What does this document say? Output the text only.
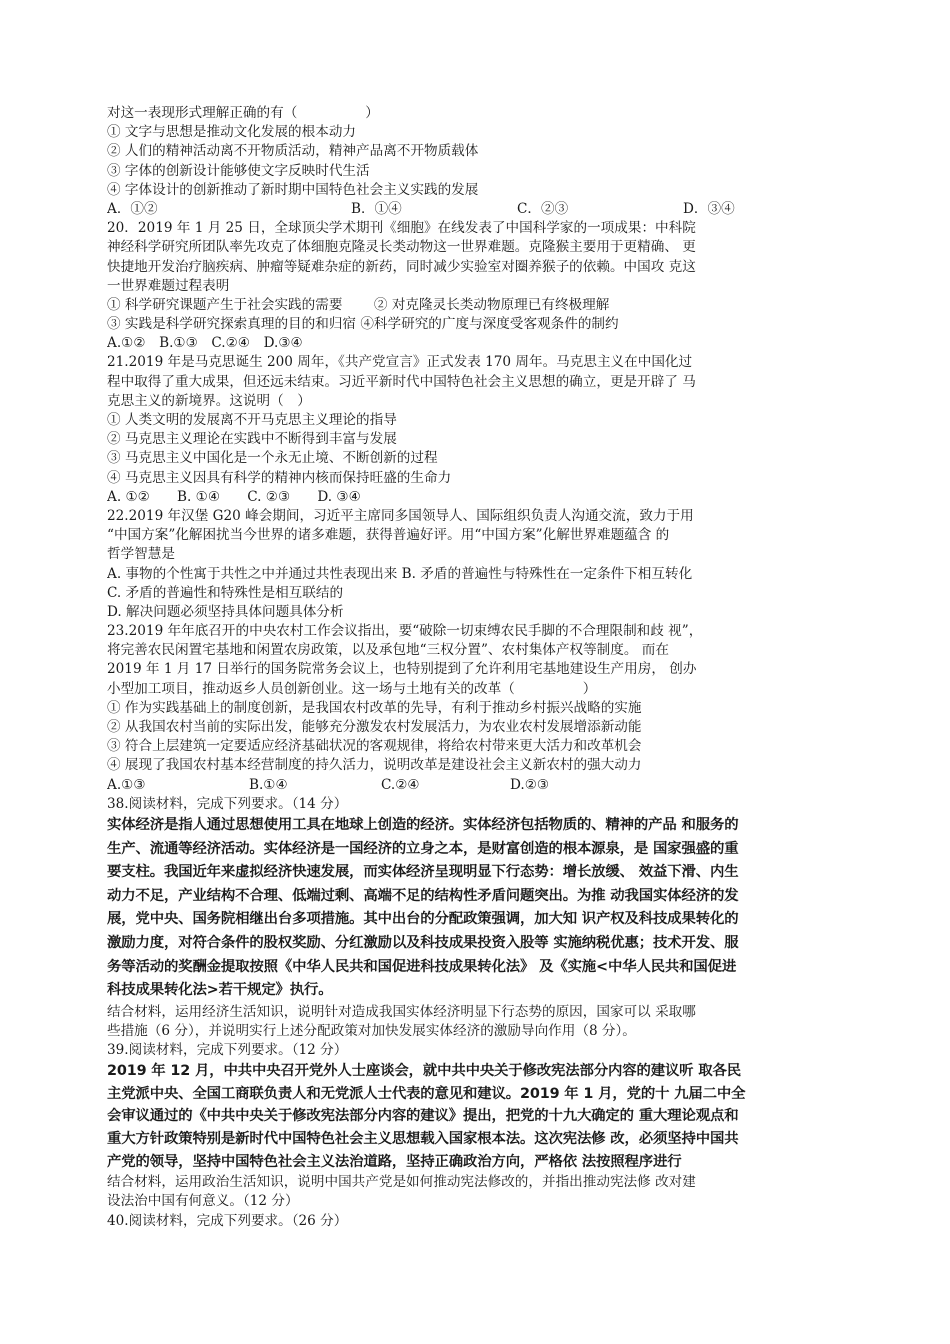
对这一表现形式理解正确的有（　　　　　）
① 文字与思想是推动文化发展的根本动力
② 人们的精神活动离不开物质活动，精神产品离不开物质载体
③ 字体的创新设计能够使文字反映时代生活
④ 字体设计的创新推动了新时期中国特色社会主义实践的发展
A．①②	B．①④	C．②③	D．③④
20．2019 年 1 月 25 日，全球顶尖学术期刊《细胞》在线发表了中国科学家的一项成果：中科院
神经科学研究所团队率先攻克了体细胞克隆灵长类动物这一世界难题。克隆猴主要用于更精确、 更
快捷地开发治疗脑疾病、肿瘤等疑难杂症的新药，同时减少实验室对圈养猴子的依赖。中国攻 克这
一世界难题过程表明
① 科学研究课题产生于社会实践的需要　　 ② 对克隆灵长类动物原理已有终极理解
③ 实践是科学研究探索真理的目的和归宿 ④科学研究的广度与深度受客观条件的制约
A.①②　B.①③　C.②④　D.③④
21.2019 年是马克思诞生 200 周年，《共产党宣言》正式发表 170 周年。马克思主义在中国化过
程中取得了重大成果，但还远未结束。习近平新时代中国特色社会主义思想的确立，更是开辟了 马
克思主义的新境界。这说明（　）
① 人类文明的发展离不开马克思主义理论的指导
② 马克思主义理论在实践中不断得到丰富与发展
③ 马克思主义中国化是一个永无止境、不断创新的过程
④ 马克思主义因具有科学的精神内核而保持旺盛的生命力
A. ①②　　B. ①④　　C. ②③　　D. ③④
22.2019 年汉堡 G20 峰会期间，习近平主席同多国领导人、国际组织负责人沟通交流，致力于用
“中国方案”化解困扰当今世界的诸多难题，获得普遍好评。用“中国方案”化解世界难题蕴含 的
哲学智慧是
A. 事物的个性寓于共性之中并通过共性表现出来 B. 矛盾的普遍性与特殊性在一定条件下相互转化
C. 矛盾的普遍性和特殊性是相互联结的
D. 解决问题必须坚持具体问题具体分析
23.2019 年年底召开的中央农村工作会议指出，要“破除一切束缚农民手脚的不合理限制和歧 视”，
将完善农民闲置宅基地和闲置农房政策，以及承包地“三权分置”、农村集体产权等制度。 而在
2019 年 1 月 17 日举行的国务院常务会议上，也特别提到了允许利用宅基地建设生产用房， 创办
小型加工项目，推动返乡人员创新创业。这一场与土地有关的改革（　　　　　）
① 作为实践基础上的制度创新，是我国农村改革的先导，有利于推动乡村振兴战略的实施
② 从我国农村当前的实际出发，能够充分激发农村发展活力，为农业农村发展增添新动能
③ 符合上层建筑一定要适应经济基础状况的客观规律，将给农村带来更大活力和改革机会
④ 展现了我国农村基本经营制度的持久活力，说明改革是建设社会主义新农村的强大动力
A.①③	B.①④	C.②④	D.②③
38.阅读材料，完成下列要求。（14 分）
实体经济是指人通过思想使用工具在地球上创造的经济。实体经济包括物质的、精神的产品 和服务的
生产、流通等经济活动。实体经济是一国经济的立身之本，是财富创造的根本源泉，是 国家强盛的重
要支柱。我国近年来虚拟经济快速发展，而实体经济呈现明显下行态势：增长放缓、 效益下滑、内生
动力不足，产业结构不合理、低端过剩、高端不足的结构性矛盾问题突出。为推 动我国实体经济的发
展，党中央、国务院相继出台多项措施。其中出台的分配政策强调，加大知 识产权及科技成果转化的
激励力度，对符合条件的股权奖励、分红激励以及科技成果投资入股等 实施纳税优惠；技术开发、服
务等活动的奖酬金提取按照《中华人民共和国促进科技成果转化法》 及《实施<中华人民共和国促进
科技成果转化法>若干规定》执行。
结合材料，运用经济生活知识，说明针对造成我国实体经济明显下行态势的原因，国家可以 采取哪
些措施（6 分），并说明实行上述分配政策对加快发展实体经济的激励导向作用（8 分）。
39.阅读材料，完成下列要求。（12 分）
2019 年 12 月，中共中央召开党外人士座谈会，就中共中央关于修改宪法部分内容的建议听 取各民
主党派中央、全国工商联负责人和无党派人士代表的意见和建议。2019 年 1 月，党的十 九届二中全
会审议通过的《中共中央关于修改宪法部分内容的建议》提出，把党的十九大确定的 重大理论观点和
重大方针政策特别是新时代中国特色社会主义思想载入国家根本法。这次宪法修 改，必须坚持中国共
产党的领导，坚持中国特色社会主义法治道路，坚持正确政治方向，严格依 法按照程序进行
结合材料，运用政治生活知识，说明中国共产党是如何推动宪法修改的，并指出推动宪法修 改对建
设法治中国有何意义。（12 分）
40.阅读材料，完成下列要求。（26 分）
